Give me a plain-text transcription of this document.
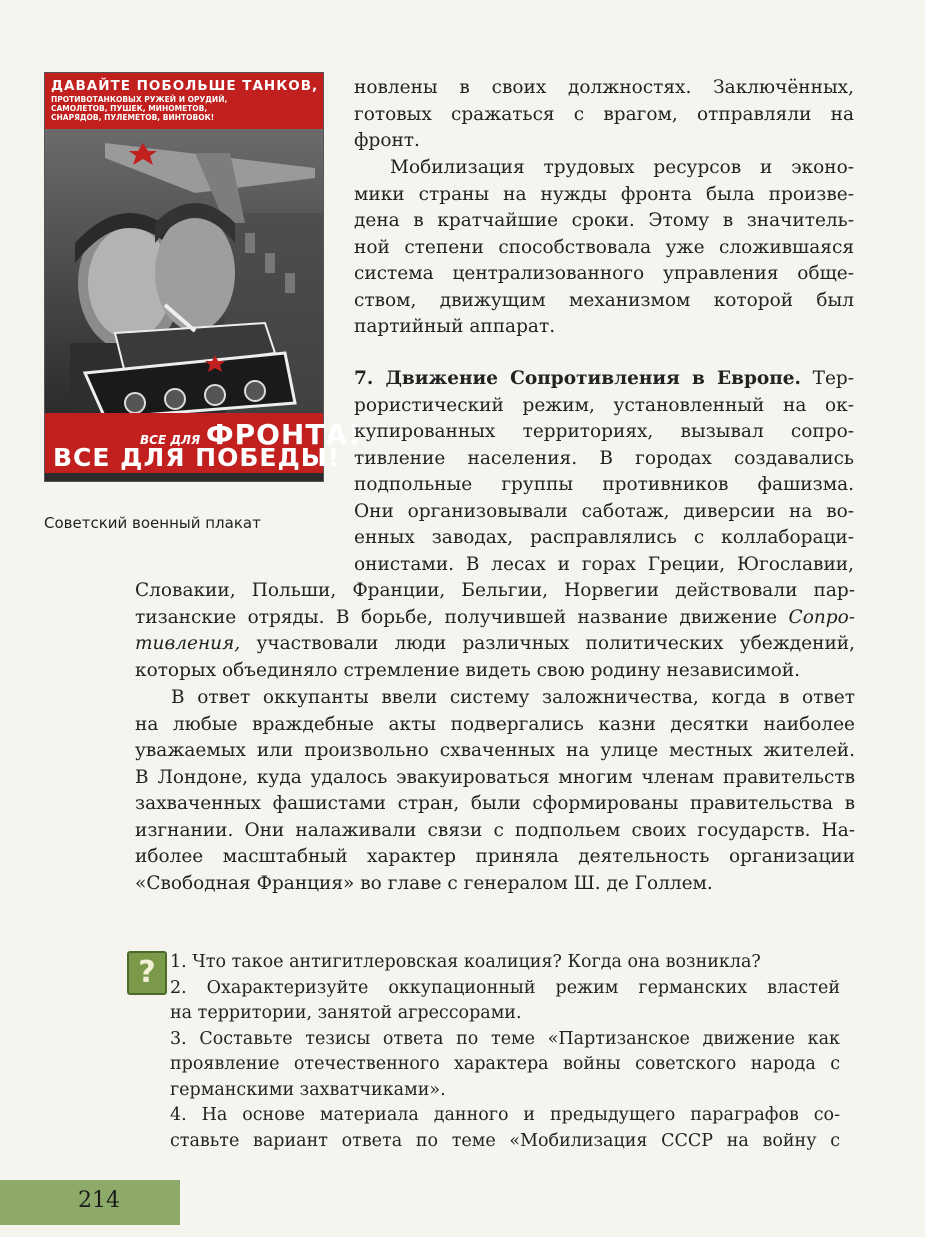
ДАВАЙТЕ ПОБОЛЬШЕ ТАНКОВ,
ПРОТИВОТАНКОВЫХ РУЖЕЙ И ОРУДИЙ,
САМОЛЕТОВ, ПУШЕК, МИНОМЕТОВ,
СНАРЯДОВ, ПУЛЕМЕТОВ, ВИНТОВОК!
ВСЕ ДЛЯ ФРОНТА!
ВСЕ ДЛЯ ПОБЕДЫ!
Советский военный плакат
новлены в своих должностях. Заключённых,
готовых сражаться с врагом, отправляли на
фронт.
Мобилизация трудовых ресурсов и эконо-
мики страны на нужды фронта была произве-
дена в кратчайшие сроки. Этому в значитель-
ной степени способствовала уже сложившаяся
система централизованного управления обще-
ством, движущим механизмом которой был
партийный аппарат.
7. Движение Сопротивления в Европе. Тер-
рористический режим, установленный на ок-
купированных территориях, вызывал сопро-
тивление населения. В городах создавались
подпольные группы противников фашизма.
Они организовывали саботаж, диверсии на во-
енных заводах, расправлялись с коллаборaци-
онистами. В лесах и горах Греции, Югославии,
Словакии, Польши, Франции, Бельгии, Норвегии действовали пар-
тизанские отряды. В борьбе, получившей название движение Сопро-
тивления, участвовали люди различных политических убеждений,
которых объединяло стремление видеть свою родину независимой.
В ответ оккупанты ввели систему заложничества, когда в ответ
на любые враждебные акты подвергались казни десятки наиболее
уважаемых или произвольно схваченных на улице местных жителей.
В Лондоне, куда удалось эвакуироваться многим членам правительств
захваченных фашистами стран, были сформированы правительства в
изгнании. Они налаживали связи с подпольем своих государств. На-
иболее масштабный характер приняла деятельность организации
«Свободная Франция» во главе с генералом Ш. де Голлем.
? 1. Что такое антигитлеровская коалиция? Когда она возникла?
2. Охарактеризуйте оккупационный режим германских властей
на территории, занятой агрессорами.
3. Составьте тезисы ответа по теме «Партизанское движение как
проявление отечественного характера войны советского народа с
германскими захватчиками».
4. На основе материала данного и предыдущего параграфов со-
ставьте вариант ответа по теме «Мобилизация СССР на войну с
214
